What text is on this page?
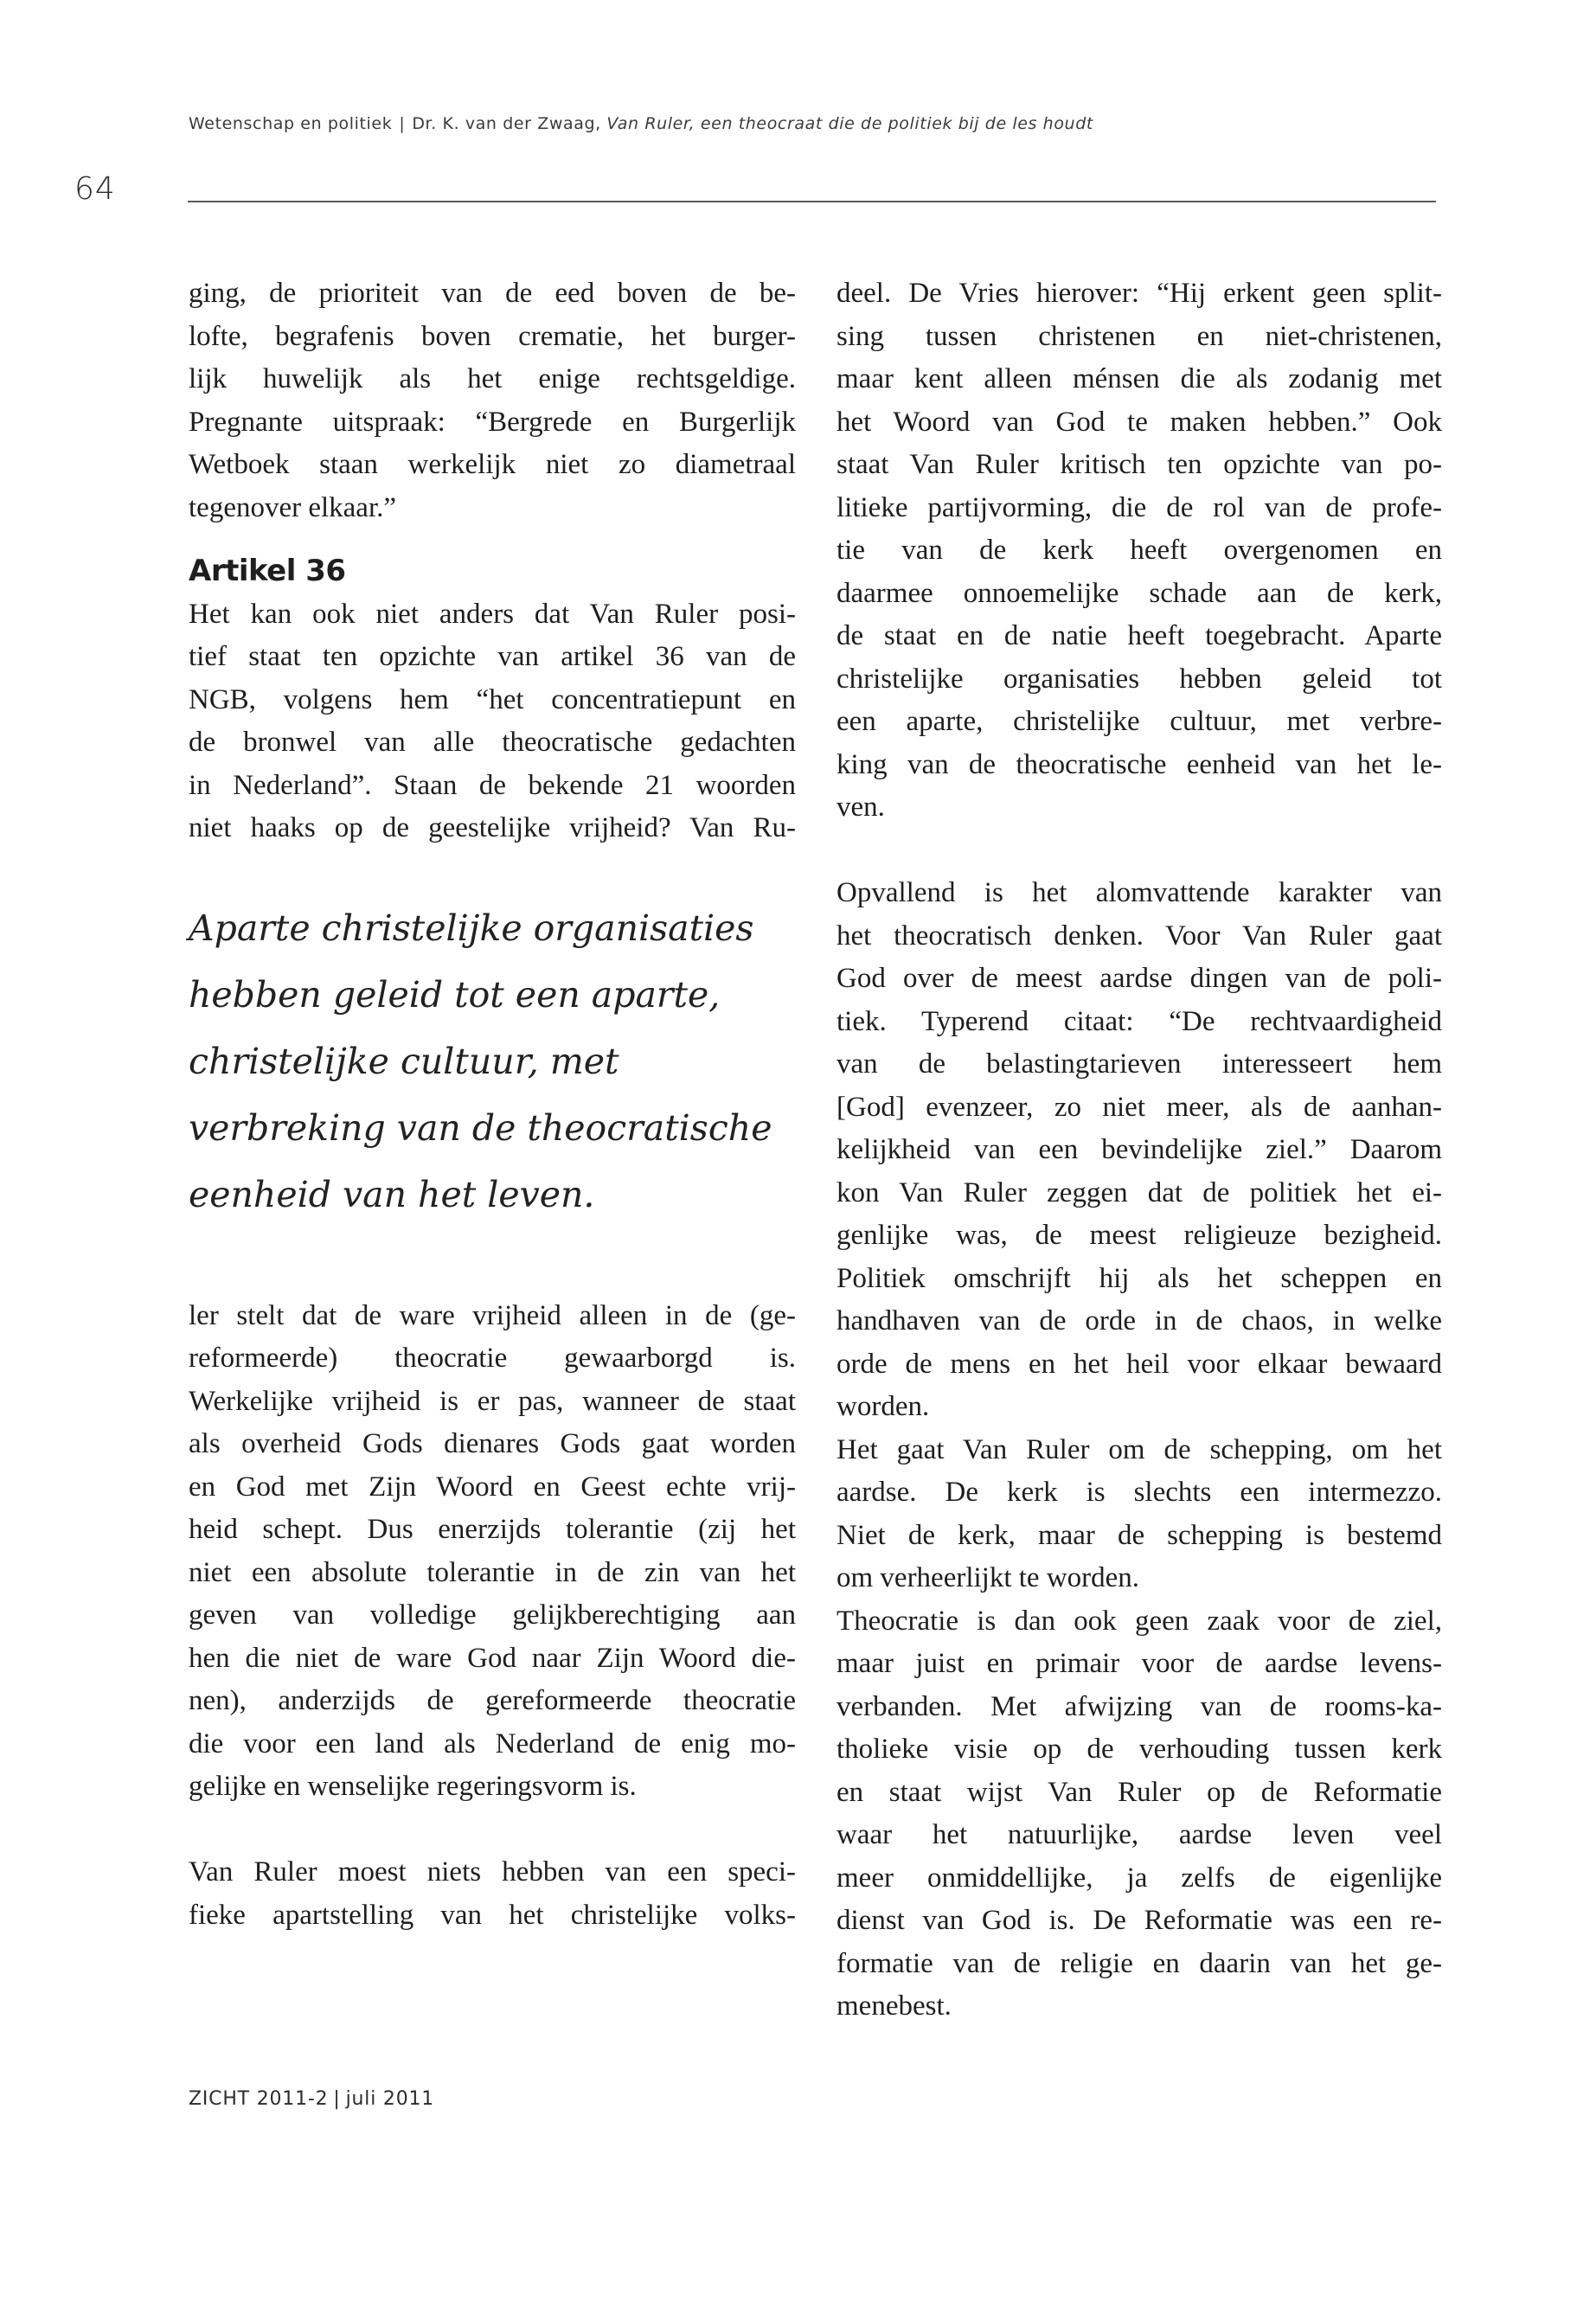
Wetenschap en politiek | Dr. K. van der Zwaag, Van Ruler, een theocraat die de politiek bij de les houdt
64
ging, de prioriteit van de eed boven de be-
lofte, begrafenis boven crematie, het burger-
lijk huwelijk als het enige rechtsgeldige.
Pregnante uitspraak: “Bergrede en Burgerlijk
Wetboek staan werkelijk niet zo diametraal
tegenover elkaar.”
Artikel 36
Het kan ook niet anders dat Van Ruler posi-
tief staat ten opzichte van artikel 36 van de
NGB, volgens hem “het concentratiepunt en
de bronwel van alle theocratische gedachten
in Nederland”. Staan de bekende 21 woorden
niet haaks op de geestelijke vrijheid? Van Ru-
Aparte christelijke organisaties
hebben geleid tot een aparte,
christelijke cultuur, met
verbreking van de theocratische
eenheid van het leven.
ler stelt dat de ware vrijheid alleen in de (ge-
reformeerde) theocratie gewaarborgd is.
Werkelijke vrijheid is er pas, wanneer de staat
als overheid Gods dienares Gods gaat worden
en God met Zijn Woord en Geest echte vrij-
heid schept. Dus enerzijds tolerantie (zij het
niet een absolute tolerantie in de zin van het
geven van volledige gelijkberechtiging aan
hen die niet de ware God naar Zijn Woord die-
nen), anderzijds de gereformeerde theocratie
die voor een land als Nederland de enig mo-
gelijke en wenselijke regeringsvorm is.
Van Ruler moest niets hebben van een speci-
fieke apartstelling van het christelijke volks-
deel. De Vries hierover: “Hij erkent geen split-
sing tussen christenen en niet-christenen,
maar kent alleen ménsen die als zodanig met
het Woord van God te maken hebben.” Ook
staat Van Ruler kritisch ten opzichte van po-
litieke partijvorming, die de rol van de profe-
tie van de kerk heeft overgenomen en
daarmee onnoemelijke schade aan de kerk,
de staat en de natie heeft toegebracht. Aparte
christelijke organisaties hebben geleid tot
een aparte, christelijke cultuur, met verbre-
king van de theocratische eenheid van het le-
ven.
Opvallend is het alomvattende karakter van
het theocratisch denken. Voor Van Ruler gaat
God over de meest aardse dingen van de poli-
tiek. Typerend citaat: “De rechtvaardigheid
van de belastingtarieven interesseert hem
[God] evenzeer, zo niet meer, als de aanhan-
kelijkheid van een bevindelijke ziel.” Daarom
kon Van Ruler zeggen dat de politiek het ei-
genlijke was, de meest religieuze bezigheid.
Politiek omschrijft hij als het scheppen en
handhaven van de orde in de chaos, in welke
orde de mens en het heil voor elkaar bewaard
worden.
Het gaat Van Ruler om de schepping, om het
aardse. De kerk is slechts een intermezzo.
Niet de kerk, maar de schepping is bestemd
om verheerlijkt te worden.
Theocratie is dan ook geen zaak voor de ziel,
maar juist en primair voor de aardse levens-
verbanden. Met afwijzing van de rooms-ka-
tholieke visie op de verhouding tussen kerk
en staat wijst Van Ruler op de Reformatie
waar het natuurlijke, aardse leven veel
meer onmiddellijke, ja zelfs de eigenlijke
dienst van God is. De Reformatie was een re-
formatie van de religie en daarin van het ge-
menebest.
ZICHT 2011-2 | juli 2011
